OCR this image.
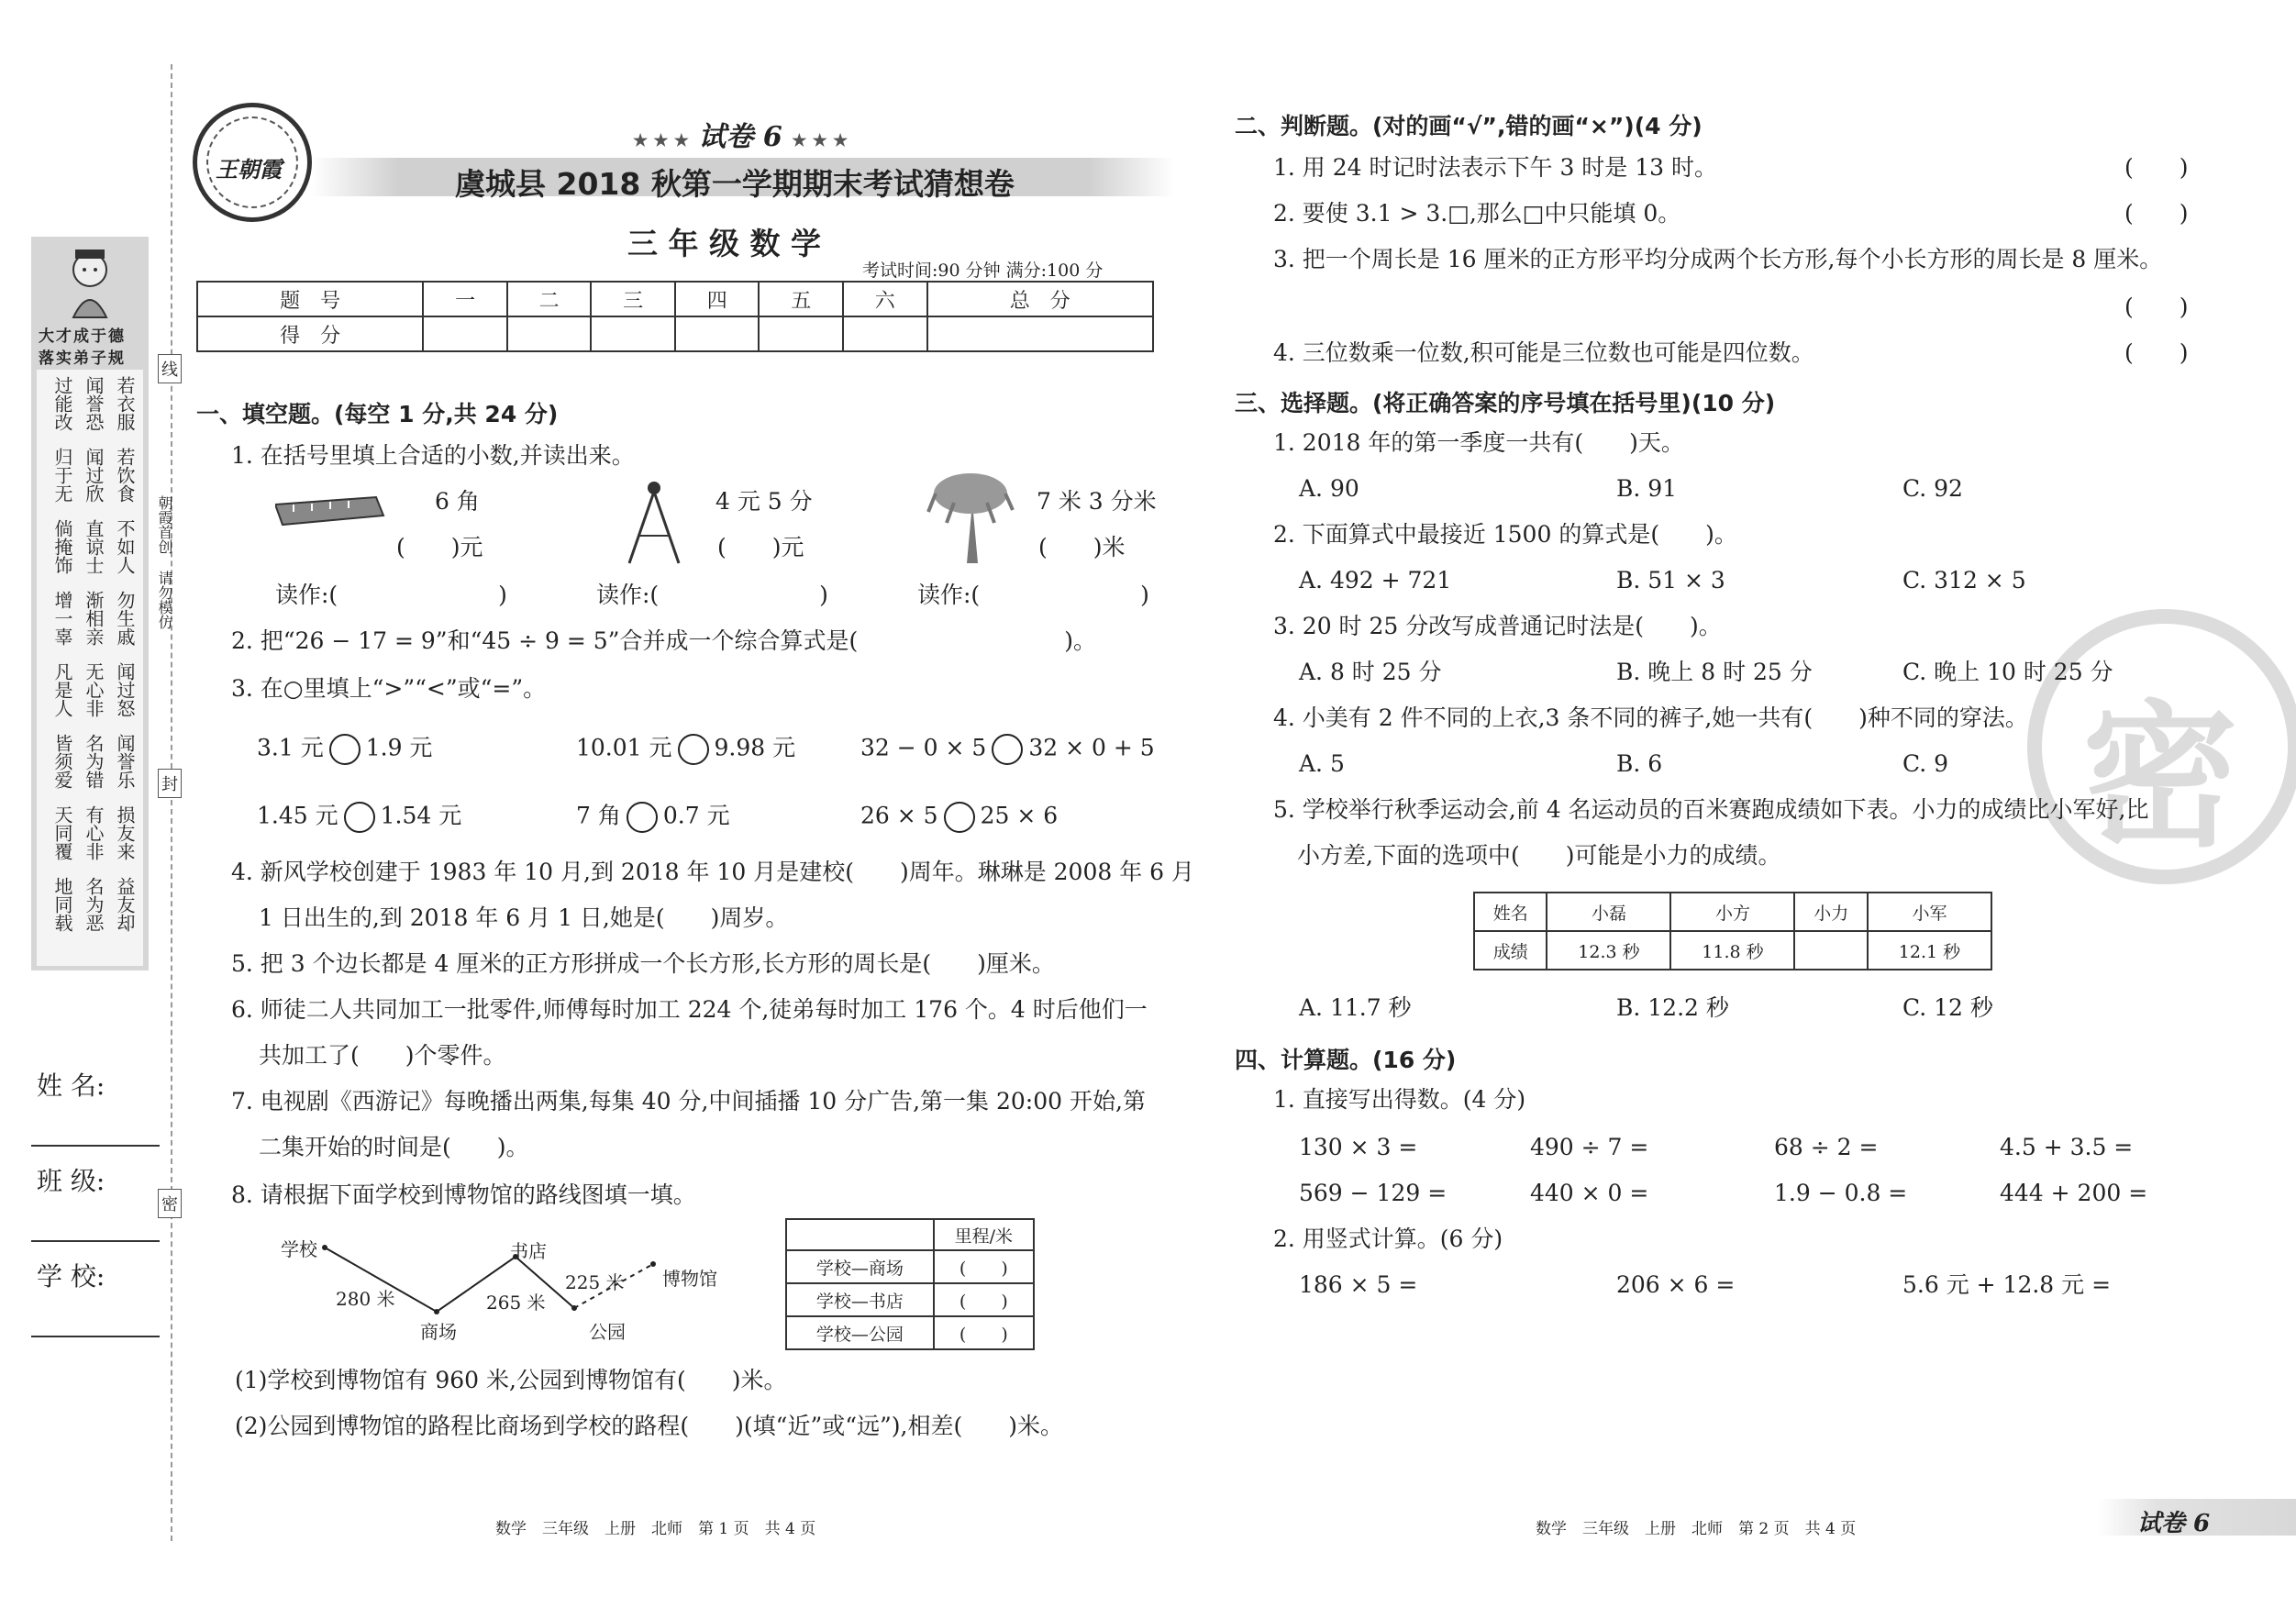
大才成于德
落实弟子规
过能改 闻誉恐 若衣服
归于无 闻过欣 若饮食
倘掩饰 直谅士 不如人
增一辜 渐相亲 勿生戚
凡是人 无心非 闻过怒
皆须爱 名为错 闻誉乐
天同覆 有心非 损友来
地同载 名为恶 益友却
线
封
密
朝霞首创
请勿模仿
姓 名:
班 级:
学 校:
王朝霞
★ ★ ★ 试卷 6 ★ ★ ★
虞城县 2018 秋第一学期期末考试猜想卷
三 年 级 数 学
考试时间:90 分钟 满分:100 分
题　号	一	二	三	四	五	六	总　分
得　分							
一、填空题。(每空 1 分,共 24 分)
1. 在括号里填上合适的小数,并读出来。
6 角
(　　)元
读作:(　　　　　　　)
4 元 5 分
(　　)元
读作:(　　　　　　　)
7 米 3 分米
(　　)米
读作:(　　　　　　　)
2. 把“26 − 17 = 9”和“45 ÷ 9 = 5”合并成一个综合算式是(　　　　　　　　　)。
3. 在○里填上“>”“<”或“=”。
3.1 元 1.9 元	10.01 元 9.98 元	32 − 0 × 5 32 × 0 + 5
1.45 元 1.54 元	7 角 0.7 元	26 × 5 25 × 6
4. 新风学校创建于 1983 年 10 月,到 2018 年 10 月是建校(　　)周年。琳琳是 2008 年 6 月
1 日出生的,到 2018 年 6 月 1 日,她是(　　)周岁。
5. 把 3 个边长都是 4 厘米的正方形拼成一个长方形,长方形的周长是(　　)厘米。
6. 师徒二人共同加工一批零件,师傅每时加工 224 个,徒弟每时加工 176 个。4 时后他们一
共加工了(　　)个零件。
7. 电视剧《西游记》每晚播出两集,每集 40 分,中间插播 10 分广告,第一集 20:00 开始,第
二集开始的时间是(　　)。
8. 请根据下面学校到博物馆的路线图填一填。
学校
280 米
商场
书店
265 米
225 米
公园
博物馆
	里程/米
学校—商场	(　　)
学校—书店	(　　)
学校—公园	(　　)
(1)学校到博物馆有 960 米,公园到博物馆有(　　)米。
(2)公园到博物馆的路程比商场到学校的路程(　　)(填“近”或“远”),相差(　　)米。
数学　三年级　上册　北师　第 1 页　共 4 页
密
二、判断题。(对的画“√”,错的画“×”)(4 分)
1. 用 24 时记时法表示下午 3 时是 13 时。	(　　)
2. 要使 3.1 > 3.□,那么□中只能填 0。	(　　)
3. 把一个周长是 16 厘米的正方形平均分成两个长方形,每个小长方形的周长是 8 厘米。
(　　)
4. 三位数乘一位数,积可能是三位数也可能是四位数。	(　　)
三、选择题。(将正确答案的序号填在括号里)(10 分)
1. 2018 年的第一季度一共有(　　)天。
A. 90	B. 91	C. 92
2. 下面算式中最接近 1500 的算式是(　　)。
A. 492 + 721	B. 51 × 3	C. 312 × 5
3. 20 时 25 分改写成普通记时法是(　　)。
A. 8 时 25 分	B. 晚上 8 时 25 分	C. 晚上 10 时 25 分
4. 小美有 2 件不同的上衣,3 条不同的裤子,她一共有(　　)种不同的穿法。
A. 5	B. 6	C. 9
5. 学校举行秋季运动会,前 4 名运动员的百米赛跑成绩如下表。小力的成绩比小军好,比
小方差,下面的选项中(　　)可能是小力的成绩。
姓名	小磊	小方	小力	小军
成绩	12.3 秒	11.8 秒		12.1 秒
A. 11.7 秒	B. 12.2 秒	C. 12 秒
四、计算题。(16 分)
1. 直接写出得数。(4 分)
130 × 3 =	490 ÷ 7 =	68 ÷ 2 =	4.5 + 3.5 =
569 − 129 =	440 × 0 =	1.9 − 0.8 =	444 + 200 =
2. 用竖式计算。(6 分)
186 × 5 =	206 × 6 =	5.6 元 + 12.8 元 =
数学　三年级　上册　北师　第 2 页　共 4 页	试卷 6
